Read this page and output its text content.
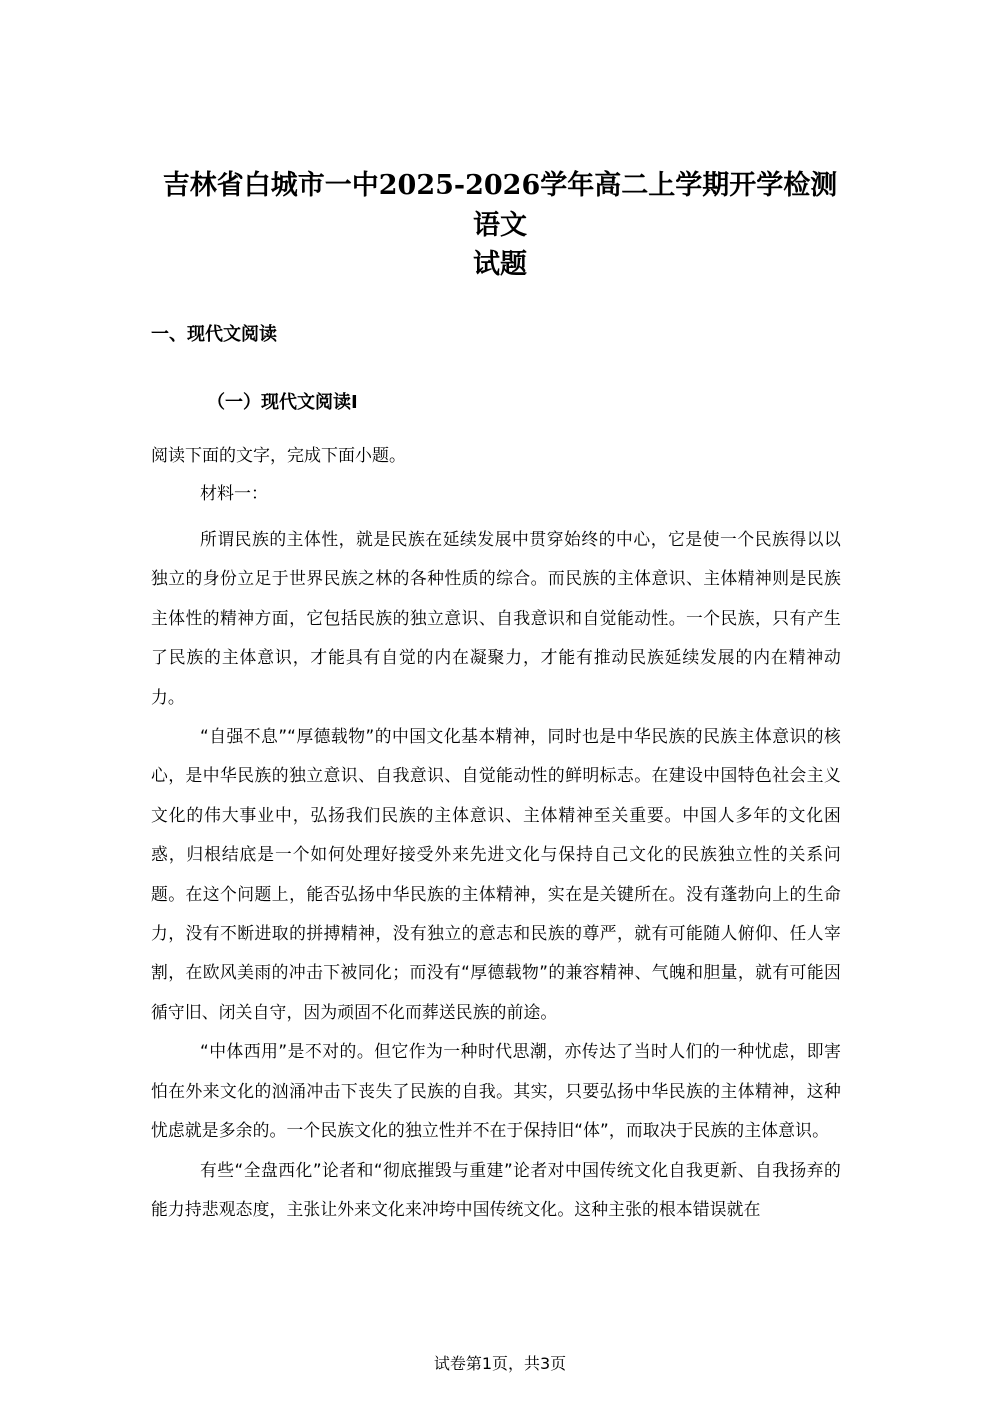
吉林省白城市一中2025-2026学年高二上学期开学检测语文
试题
一、现代文阅读
（一）现代文阅读I

阅读下面的文字，完成下面小题。

材料一：

所谓民族的主体性，就是民族在延续发展中贯穿始终的中心，它是使一个民族得以以独立的身份立足于世界民族之林的各种性质的综合。而民族的主体意识、主体精神则是民族主体性的精神方面，它包括民族的独立意识、自我意识和自觉能动性。一个民族，只有产生了民族的主体意识，才能具有自觉的内在凝聚力，才能有推动民族延续发展的内在精神动力。

“自强不息”“厚德载物”的中国文化基本精神，同时也是中华民族的民族主体意识的核心，是中华民族的独立意识、自我意识、自觉能动性的鲜明标志。在建设中国特色社会主义文化的伟大事业中，弘扬我们民族的主体意识、主体精神至关重要。中国人多年的文化困惑，归根结底是一个如何处理好接受外来先进文化与保持自己文化的民族独立性的关系问题。在这个问题上，能否弘扬中华民族的主体精神，实在是关键所在。没有蓬勃向上的生命力，没有不断进取的拼搏精神，没有独立的意志和民族的尊严，就有可能随人俯仰、任人宰割，在欧风美雨的冲击下被同化；而没有“厚德载物”的兼容精神、气魄和胆量，就有可能因循守旧、闭关自守，因为顽固不化而葬送民族的前途。

“中体西用”是不对的。但它作为一种时代思潮，亦传达了当时人们的一种忧虑，即害怕在外来文化的汹涌冲击下丧失了民族的自我。其实，只要弘扬中华民族的主体精神，这种忧虑就是多余的。一个民族文化的独立性并不在于保持旧“体”，而取决于民族的主体意识。

有些“全盘西化”论者和“彻底摧毁与重建”论者对中国传统文化自我更新、自我扬弃的能力持悲观态度，主张让外来文化来冲垮中国传统文化。这种主张的根本错误就在

试卷第1页，共3页
